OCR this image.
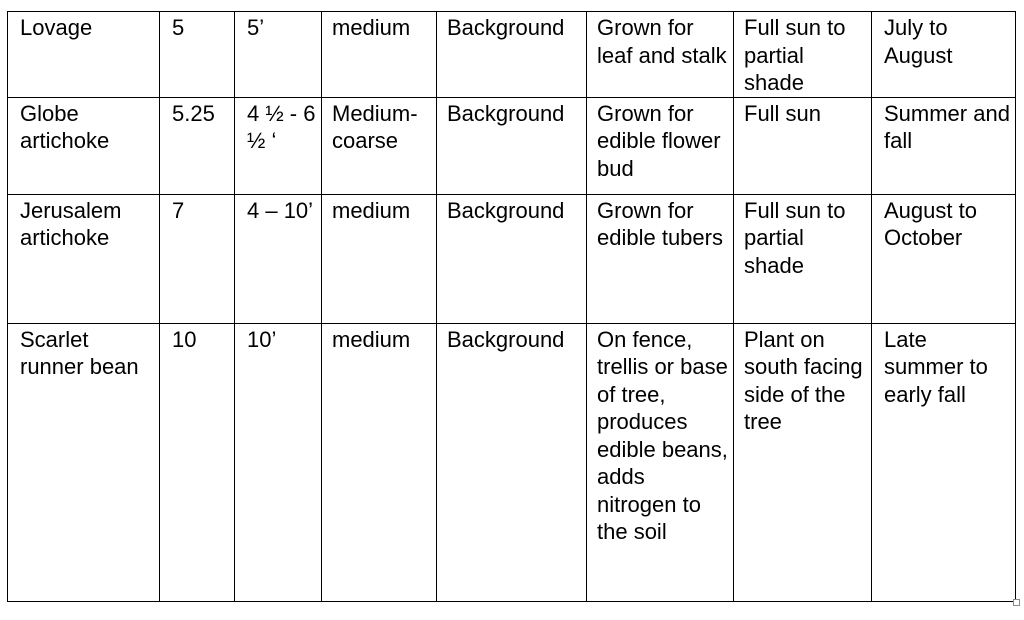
Lovage	5	5’	medium	Background	Grown for leaf and stalk	Full sun to partial shade	July to August
Globe artichoke	5.25	4 ½ - 6 ½ ‘	Medium-coarse	Background	Grown for edible flower bud	Full sun	Summer and fall
Jerusalem artichoke	7	4 – 10’	medium	Background	Grown for edible tubers	Full sun to partial shade	August to October
Scarlet runner bean	10	10’	medium	Background	On fence, trellis or base of tree, produces edible beans, adds nitrogen to the soil	Plant on south facing side of the tree	Late summer to early fall
